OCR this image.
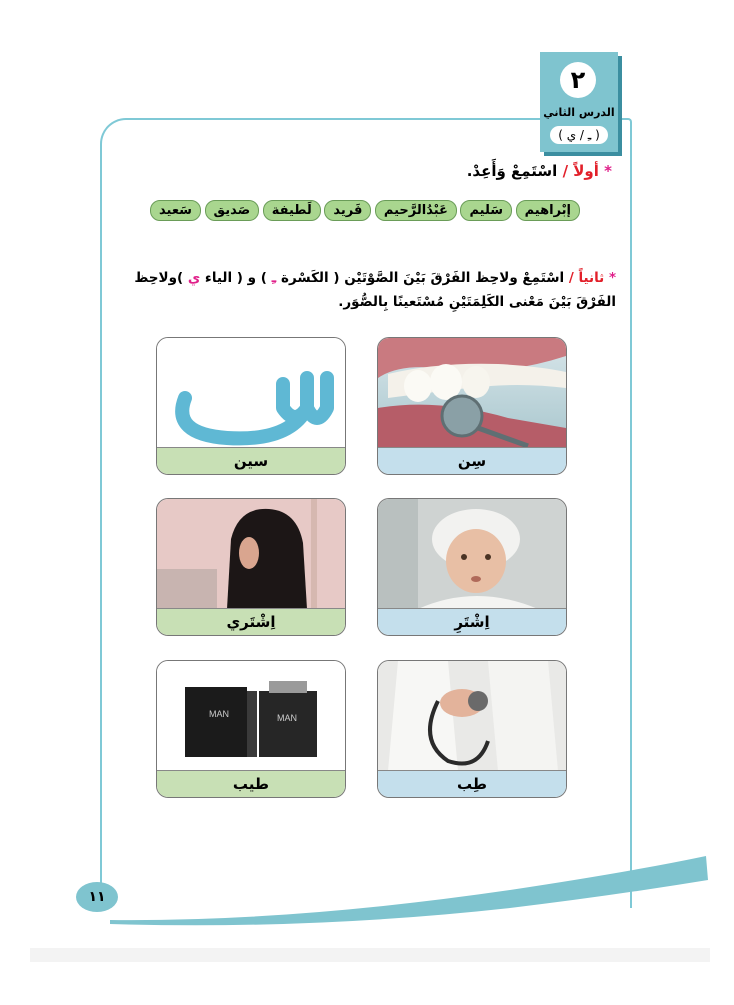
٢
الدرس الثاني
( ـِ / ي )
* أولاً / اسْتَمِعْ وَأَعِدْ.
إبْراهيم
سَليم
عَبْدُالرَّحيم
فَريد
لَطيفة
صَديق
سَعيد
* ثانياً / اسْتَمِعْ ولاحِظ الفَرْقَ بَيْنَ الصَّوْتَيْن ( الكَسْرة ـِ ) و ( الياء ي )ولاحِظ
الفَرْقَ بَيْنَ مَعْنى الكَلِمَتَيْنِ مُسْتَعينًا بِالصُّوَر.
سِن
سين
اِشْتَرِ
اِشْتَري
طِب
MAN	MAN
طيب
١١
